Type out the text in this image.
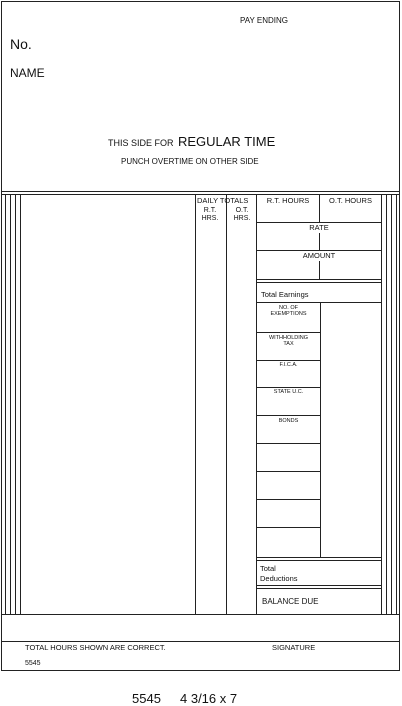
PAY ENDING
No.
NAME
THIS SIDE FOR REGULAR TIME
PUNCH OVERTIME ON OTHER SIDE
DAILY TOTALS
R.T.
HRS.
O.T.
HRS.
R.T. HOURS	O.T. HOURS
RATE
AMOUNT
Total Earnings
NO. OF
EXEMPTIONS
WITHHOLDING
TAX
F.I.C.A.
STATE U.C.
BONDS
Total
Deductions
BALANCE DUE
TOTAL HOURS SHOWN ARE CORRECT.	SIGNATURE
5545
5545 4 3/16 x 7
